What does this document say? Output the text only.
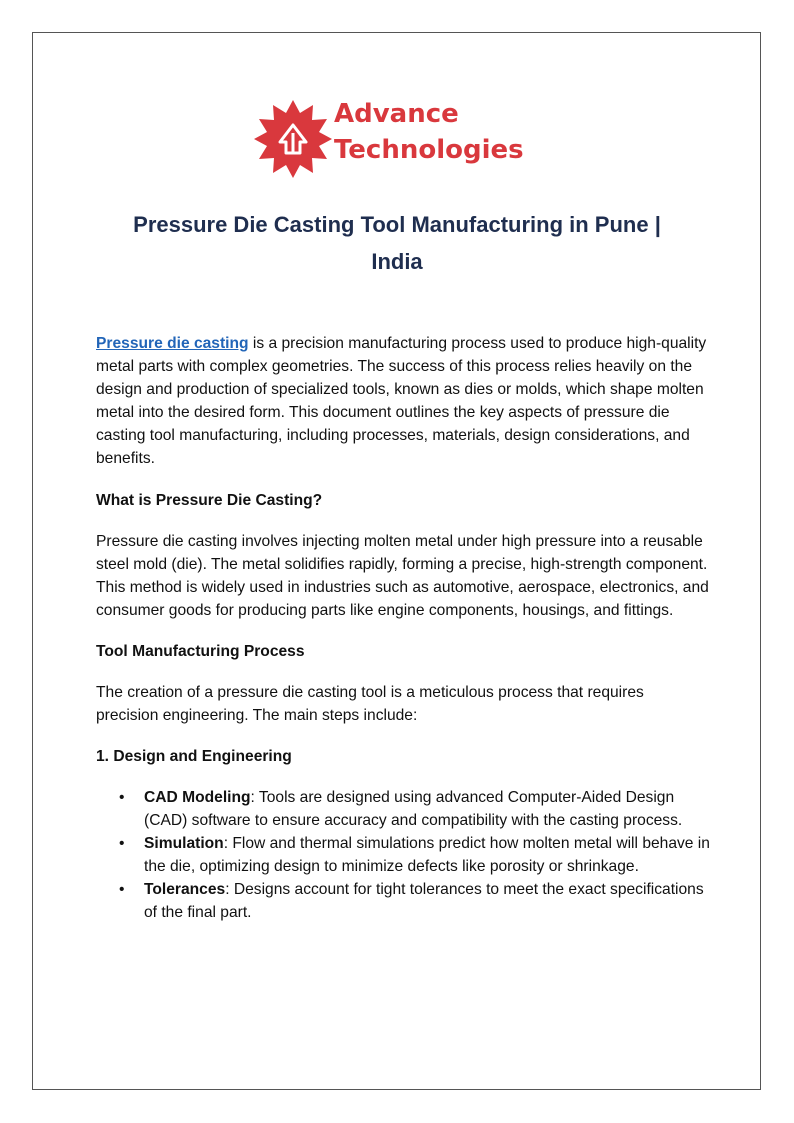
Advance
Technologies
Pressure Die Casting Tool Manufacturing in Pune |
India

Pressure die casting is a precision manufacturing process used to produce high-quality metal parts with complex geometries. The success of this process relies heavily on the design and production of specialized tools, known as dies or molds, which shape molten metal into the desired form. This document outlines the key aspects of pressure die casting tool manufacturing, including processes, materials, design considerations, and benefits.

What is Pressure Die Casting?

Pressure die casting involves injecting molten metal under high pressure into a reusable steel mold (die). The metal solidifies rapidly, forming a precise, high-strength component. This method is widely used in industries such as automotive, aerospace, electronics, and consumer goods for producing parts like engine components, housings, and fittings.

Tool Manufacturing Process

The creation of a pressure die casting tool is a meticulous process that requires precision engineering. The main steps include:

1. Design and Engineering

• CAD Modeling: Tools are designed using advanced Computer-Aided Design (CAD) software to ensure accuracy and compatibility with the casting process.
• Simulation: Flow and thermal simulations predict how molten metal will behave in the die, optimizing design to minimize defects like porosity or shrinkage.
• Tolerances: Designs account for tight tolerances to meet the exact specifications of the final part.
